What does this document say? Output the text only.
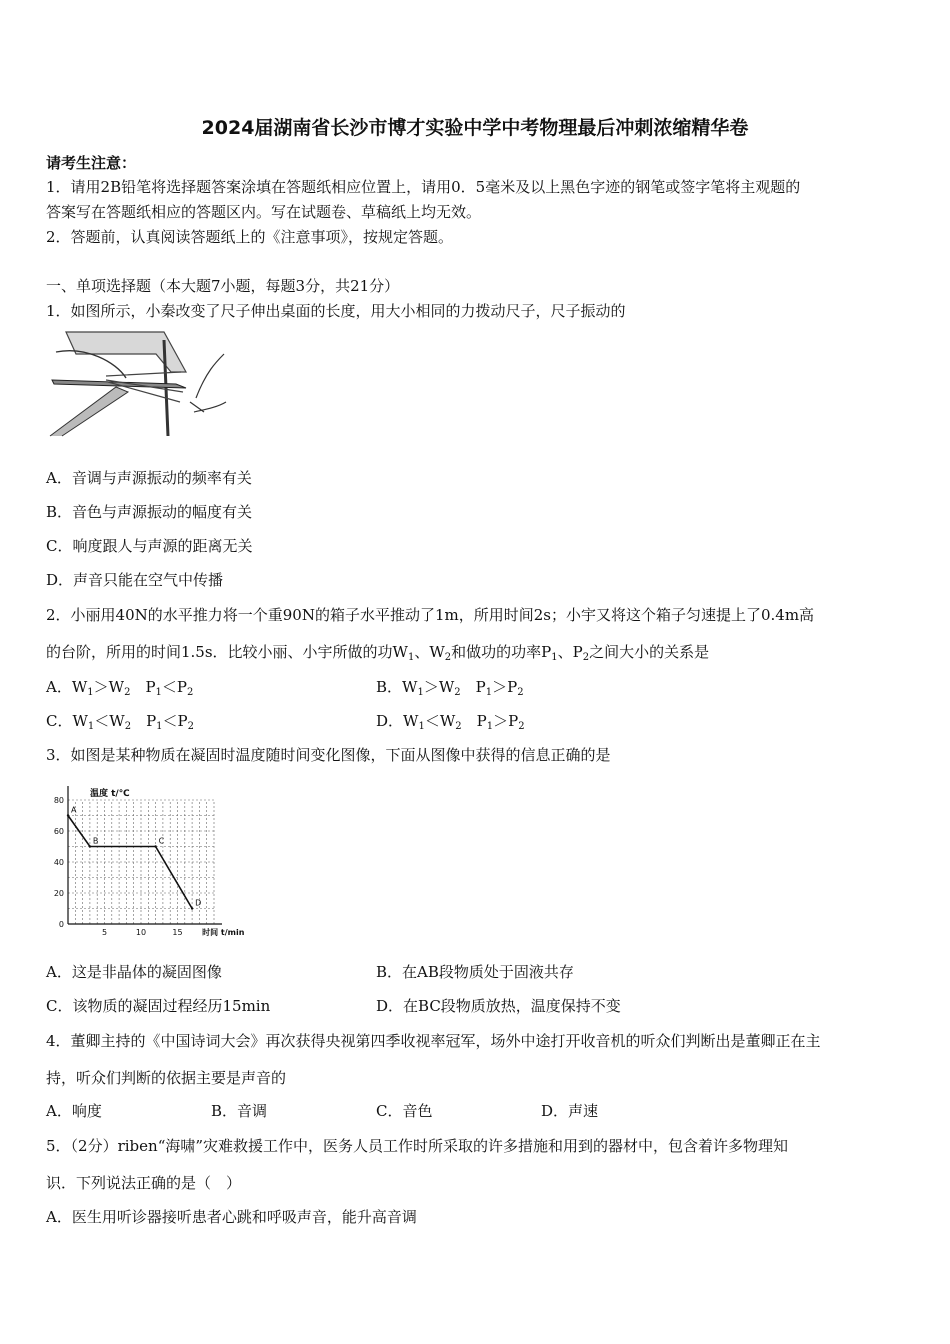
2024届湖南省长沙市博才实验中学中考物理最后冲刺浓缩精华卷
请考生注意：
1．请用2B铅笔将选择题答案涂填在答题纸相应位置上，请用0．5毫米及以上黑色字迹的钢笔或签字笔将主观题的
答案写在答题纸相应的答题区内。写在试题卷、草稿纸上均无效。
2．答题前，认真阅读答题纸上的《注意事项》，按规定答题。
一、单项选择题（本大题7小题，每题3分，共21分）
1．如图所示，小秦改变了尺子伸出桌面的长度，用大小相同的力拨动尺子，尺子振动的
A．音调与声源振动的频率有关
B．音色与声源振动的幅度有关
C．响度跟人与声源的距离无关
D．声音只能在空气中传播
2．小丽用40N的水平推力将一个重90N的箱子水平推动了1m，所用时间2s；小宇又将这个箱子匀速提上了0.4m高
的台阶，所用的时间1.5s．比较小丽、小宇所做的功$W_1$、$W_2$和做功的功率$P_1$、$P_2$之间大小的关系是
A．$W_1>W_2$　$P_1<P_2$	B．$W_1>W_2$　$P_1>P_2$
C．$W_1<W_2$　$P_1<P_2$	D．$W_1<W_2$　$P_1>P_2$
3．如图是某种物质在凝固时温度随时间变化图像，下面从图像中获得的信息正确的是
0
20
40
60
80
5	10	15
温度 t/℃
时间 t/min
A
B	C
D
A．这是非晶体的凝固图像	B．在AB段物质处于固液共存
C．该物质的凝固过程经历15min	D．在BC段物质放热，温度保持不变
4．董卿主持的《中国诗词大会》再次获得央视第四季收视率冠军，场外中途打开收音机的听众们判断出是董卿正在主
持，听众们判断的依据主要是声音的
A．响度	B．音调	C．音色	D．声速
5．（2分）riben“海啸”灾难救援工作中，医务人员工作时所采取的许多措施和用到的器材中，包含着许多物理知
识．下列说法正确的是（　）
A．医生用听诊器接听患者心跳和呼吸声音，能升高音调
